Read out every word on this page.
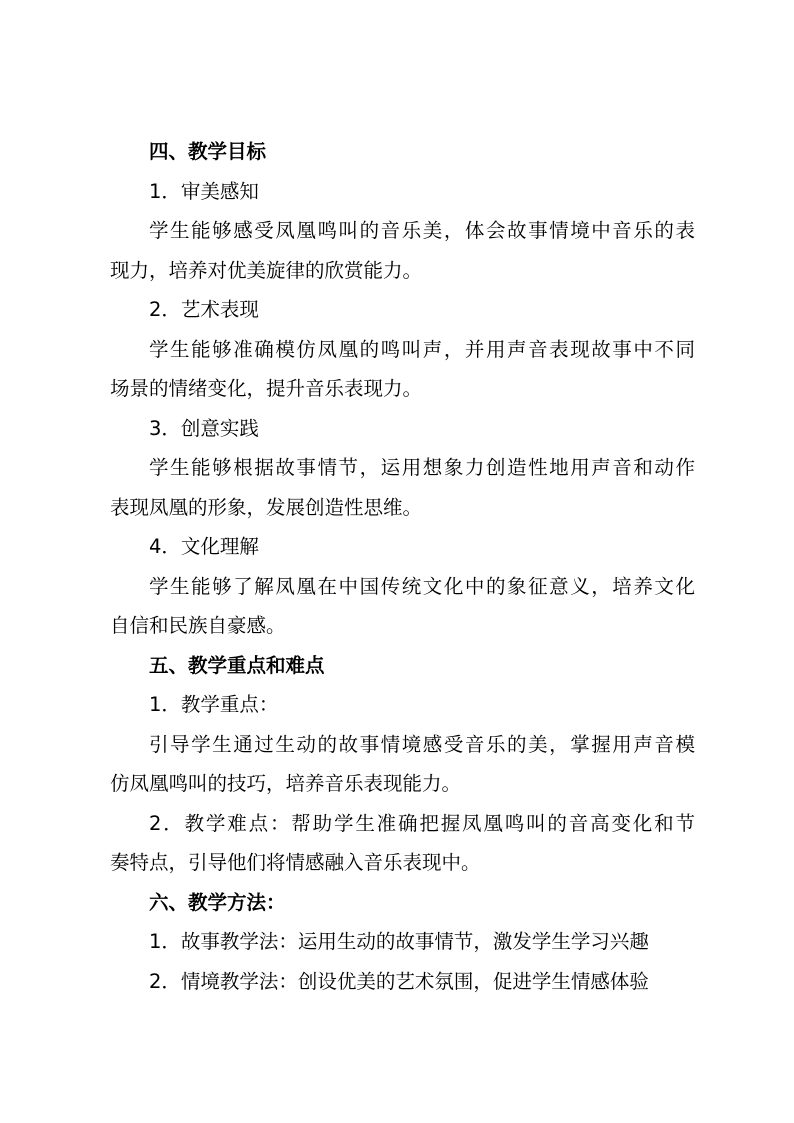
四、教学目标
1．审美感知
学生能够感受凤凰鸣叫的音乐美，体会故事情境中音乐的表
现力，培养对优美旋律的欣赏能力。
2．艺术表现
学生能够准确模仿凤凰的鸣叫声，并用声音表现故事中不同
场景的情绪变化，提升音乐表现力。
3．创意实践
学生能够根据故事情节，运用想象力创造性地用声音和动作
表现凤凰的形象，发展创造性思维。
4．文化理解
学生能够了解凤凰在中国传统文化中的象征意义，培养文化
自信和民族自豪感。
五、教学重点和难点
1．教学重点：
引导学生通过生动的故事情境感受音乐的美，掌握用声音模
仿凤凰鸣叫的技巧，培养音乐表现能力。
2．教学难点：帮助学生准确把握凤凰鸣叫的音高变化和节
奏特点，引导他们将情感融入音乐表现中。
六、教学方法：
1．故事教学法：运用生动的故事情节，激发学生学习兴趣
2．情境教学法：创设优美的艺术氛围，促进学生情感体验
